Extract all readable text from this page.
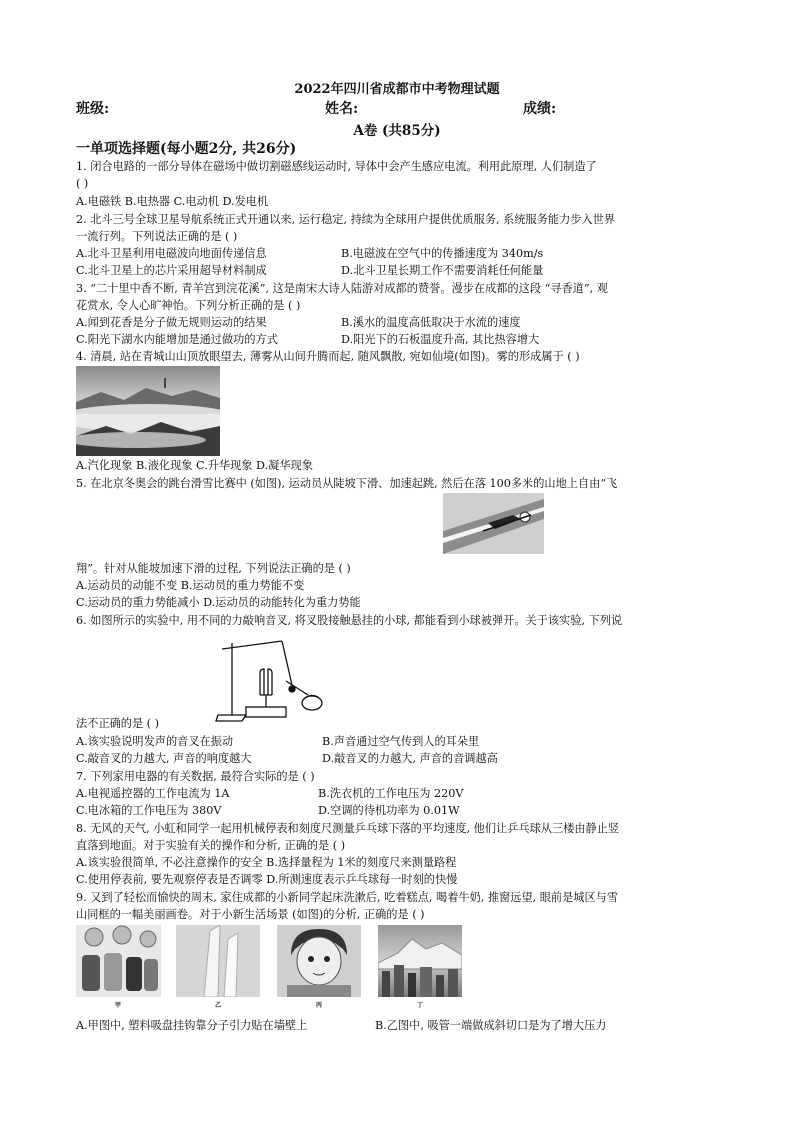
2022年四川省成都市中考物理试题
班级:	姓名:	成绩:
A卷 (共85分)
一单项选择题(每小题2分, 共26分)
1. 闭合电路的一部分导体在磁场中做切割磁感线运动时, 导体中会产生感应电流。利用此原理, 人们制造了
( )
A.电磁铁 B.电热器 C.电动机 D.发电机
2. 北斗三号全球卫星导航系统正式开通以来, 运行稳定, 持续为全球用户提供优质服务, 系统服务能力步入世界
一流行列。下列说法正确的是 ( )
A.北斗卫星利用电磁波向地面传递信息	B.电磁波在空气中的传播速度为 340m/s
C.北斗卫星上的芯片采用超导材料制成	D.北斗卫星长期工作不需要消耗任何能量
3. “二十里中香不断, 青羊宫到浣花溪”, 这是南宋大诗人陆游对成都的赞誉。漫步在成都的这段 “寻香道”, 观
花赏水, 令人心旷神怡。下列分析正确的是 ( )
A.闻到花香是分子做无规则运动的结果	B.溪水的温度高低取决于水流的速度
C.阳光下湖水内能增加是通过做功的方式	D.阳光下的石板温度升高, 其比热容增大
4. 清晨, 站在青城山山顶放眼望去, 薄雾从山间升腾而起, 随风飘散, 宛如仙境(如图)。雾的形成属于 ( )
A.汽化现象 B.液化现象 C.升华现象 D.凝华现象
5. 在北京冬奥会的跳台滑雪比赛中 (如图), 运动员从陡坡下滑、加速起跳, 然后在落 100多米的山地上自由“飞
翔”。针对从能坡加速下滑的过程, 下列说法正确的是 ( )
A.运动员的动能不变 B.运动员的重力势能不变
C.运动员的重力势能减小 D.运动员的动能转化为重力势能
6. 如图所示的实验中, 用不同的力敲响音叉, 将叉股接触悬挂的小球, 都能看到小球被弹开。关于该实验, 下列说
法不正确的是 ( )
A.该实验说明发声的音叉在振动	B.声音通过空气传到人的耳朵里
C.敲音叉的力越大, 声音的响度越大	D.敲音叉的力越大, 声音的音调越高
7. 下列家用电器的有关数据, 最符合实际的是 ( )
A.电视遥控器的工作电流为 1A	B.洗衣机的工作电压为 220V
C.电冰箱的工作电压为 380V	D.空调的待机功率为 0.01W
8. 无风的天气, 小虹和同学一起用机械停表和刻度尺测量乒乓球下落的平均速度, 他们让乒乓球从三楼由静止竖
直落到地面。对于实验有关的操作和分析, 正确的是 ( )
A.该实验很简单, 不必注意操作的安全 B.选择量程为 1米的刻度尺来测量路程
C.使用停表前, 要先观察停表是否调零 D.所测速度表示乒乓球每一时刻的快慢
9. 又到了轻松而愉快的周末, 家住成都的小新同学起床洗漱后, 吃着糕点, 喝着牛奶, 推窗远望, 眼前是城区与雪
山同框的一幅美丽画卷。对于小新生活场景 (如图)的分析, 正确的是 ( )
甲	乙	丙	丁
A.甲图中, 塑料吸盘挂钩靠分子引力贴在墙壁上	B.乙图中, 吸管一端做成斜切口是为了增大压力
